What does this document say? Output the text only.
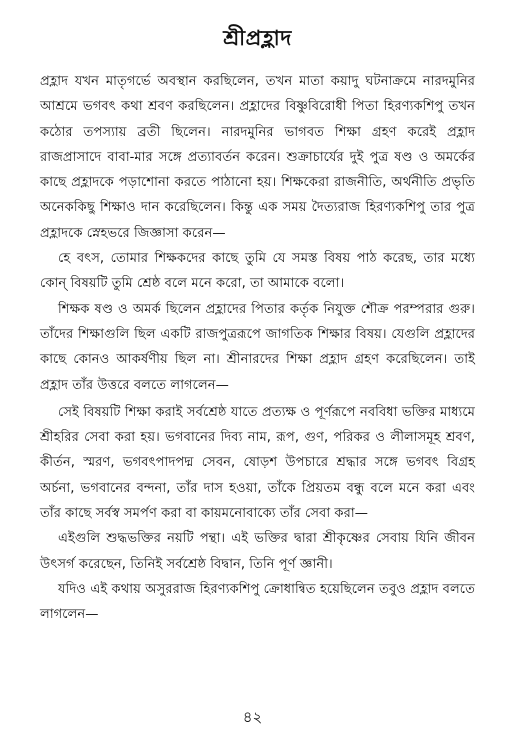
শ্রীপ্রহ্লাদ

প্রহ্লাদ যখন মাতৃগর্ভে অবস্থান করছিলেন, তখন মাতা কয়াদু ঘটনাক্রমে নারদমুনির আশ্রমে ভগবৎ কথা শ্রবণ করছিলেন। প্রহ্লাদের বিষ্ণুবিরোধী পিতা হিরণ্যকশিপু তখন কঠোর তপস্যায় ব্রতী ছিলেন। নারদমুনির ভাগবত শিক্ষা গ্রহণ করেই প্রহ্লাদ রাজপ্রাসাদে বাবা-মার সঙ্গে প্রত্যাবর্তন করেন। শুক্রাচার্যের দুই পুত্র ষণ্ড ও অমর্কের কাছে প্রহ্লাদকে পড়াশোনা করতে পাঠানো হয়। শিক্ষকেরা রাজনীতি, অর্থনীতি প্রভৃতি অনেককিছু শিক্ষাও দান করেছিলেন। কিন্তু এক সময় দৈত্যরাজ হিরণ্যকশিপু তার পুত্র প্রহ্লাদকে স্নেহভরে জিজ্ঞাসা করেন—

হে বৎস, তোমার শিক্ষকদের কাছে তুমি যে সমস্ত বিষয় পাঠ করেছ, তার মধ্যে কোন্ বিষয়টি তুমি শ্রেষ্ঠ বলে মনে করো, তা আমাকে বলো।

শিক্ষক ষণ্ড ও অমর্ক ছিলেন প্রহ্লাদের পিতার কর্তৃক নিযুক্ত শৌক্র পরম্পরার গুরু। তাঁদের শিক্ষাগুলি ছিল একটি রাজপুত্ররূপে জাগতিক শিক্ষার বিষয়। যেগুলি প্রহ্লাদের কাছে কোনও আকর্ষণীয় ছিল না। শ্রীনারদের শিক্ষা প্রহ্লাদ গ্রহণ করেছিলেন। তাই প্রহ্লাদ তাঁর উত্তরে বলতে লাগলেন—

সেই বিষয়টি শিক্ষা করাই সর্বশ্রেষ্ঠ যাতে প্রত্যক্ষ ও পূর্ণরূপে নববিধা ভক্তির মাধ্যমে শ্রীহরির সেবা করা হয়। ভগবানের দিব্য নাম, রূপ, গুণ, পরিকর ও লীলাসমূহ শ্রবণ, কীর্তন, স্মরণ, ভগবৎপাদপদ্ম সেবন, ষোড়শ উপচারে শ্রদ্ধার সঙ্গে ভগবৎ বিগ্রহ অর্চনা, ভগবানের বন্দনা, তাঁর দাস হওয়া, তাঁকে প্রিয়তম বন্ধু বলে মনে করা এবং তাঁর কাছে সর্বস্ব সমর্পণ করা বা কায়মনোবাক্যে তাঁর সেবা করা—

এইগুলি শুদ্ধভক্তির নয়টি পন্থা। এই ভক্তির দ্বারা শ্রীকৃষ্ণের সেবায় যিনি জীবন উৎসর্গ করেছেন, তিনিই সর্বশ্রেষ্ঠ বিদ্বান, তিনি পূর্ণ জ্ঞানী।

যদিও এই কথায় অসুররাজ হিরণ্যকশিপু ক্রোধান্বিত হয়েছিলেন তবুও প্রহ্লাদ বলতে লাগলেন—

৪২
